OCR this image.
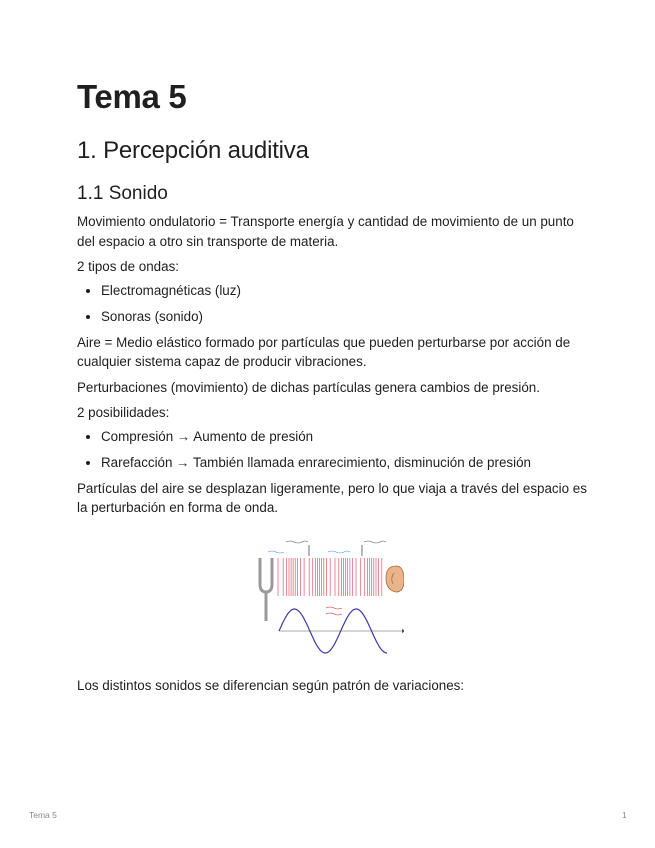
Tema 5
1. Percepción auditiva
1.1 Sonido

Movimiento ondulatorio = Transporte energía y cantidad de movimiento de un punto del espacio a otro sin transporte de materia.

2 tipos de ondas:

• Electromagnéticas (luz)
• Sonoras (sonido)

Aire = Medio elástico formado por partículas que pueden perturbarse por acción de cualquier sistema capaz de producir vibraciones.

Perturbaciones (movimiento) de dichas partículas genera cambios de presión.

2 posibilidades:

• Compresión → Aumento de presión
• Rarefacción → También llamada enrarecimiento, disminución de presión

Partículas del aire se desplazan ligeramente, pero lo que viaja a través del espacio es la perturbación en forma de onda.

Los distintos sonidos se diferencian según patrón de variaciones:

Tema 5	1
